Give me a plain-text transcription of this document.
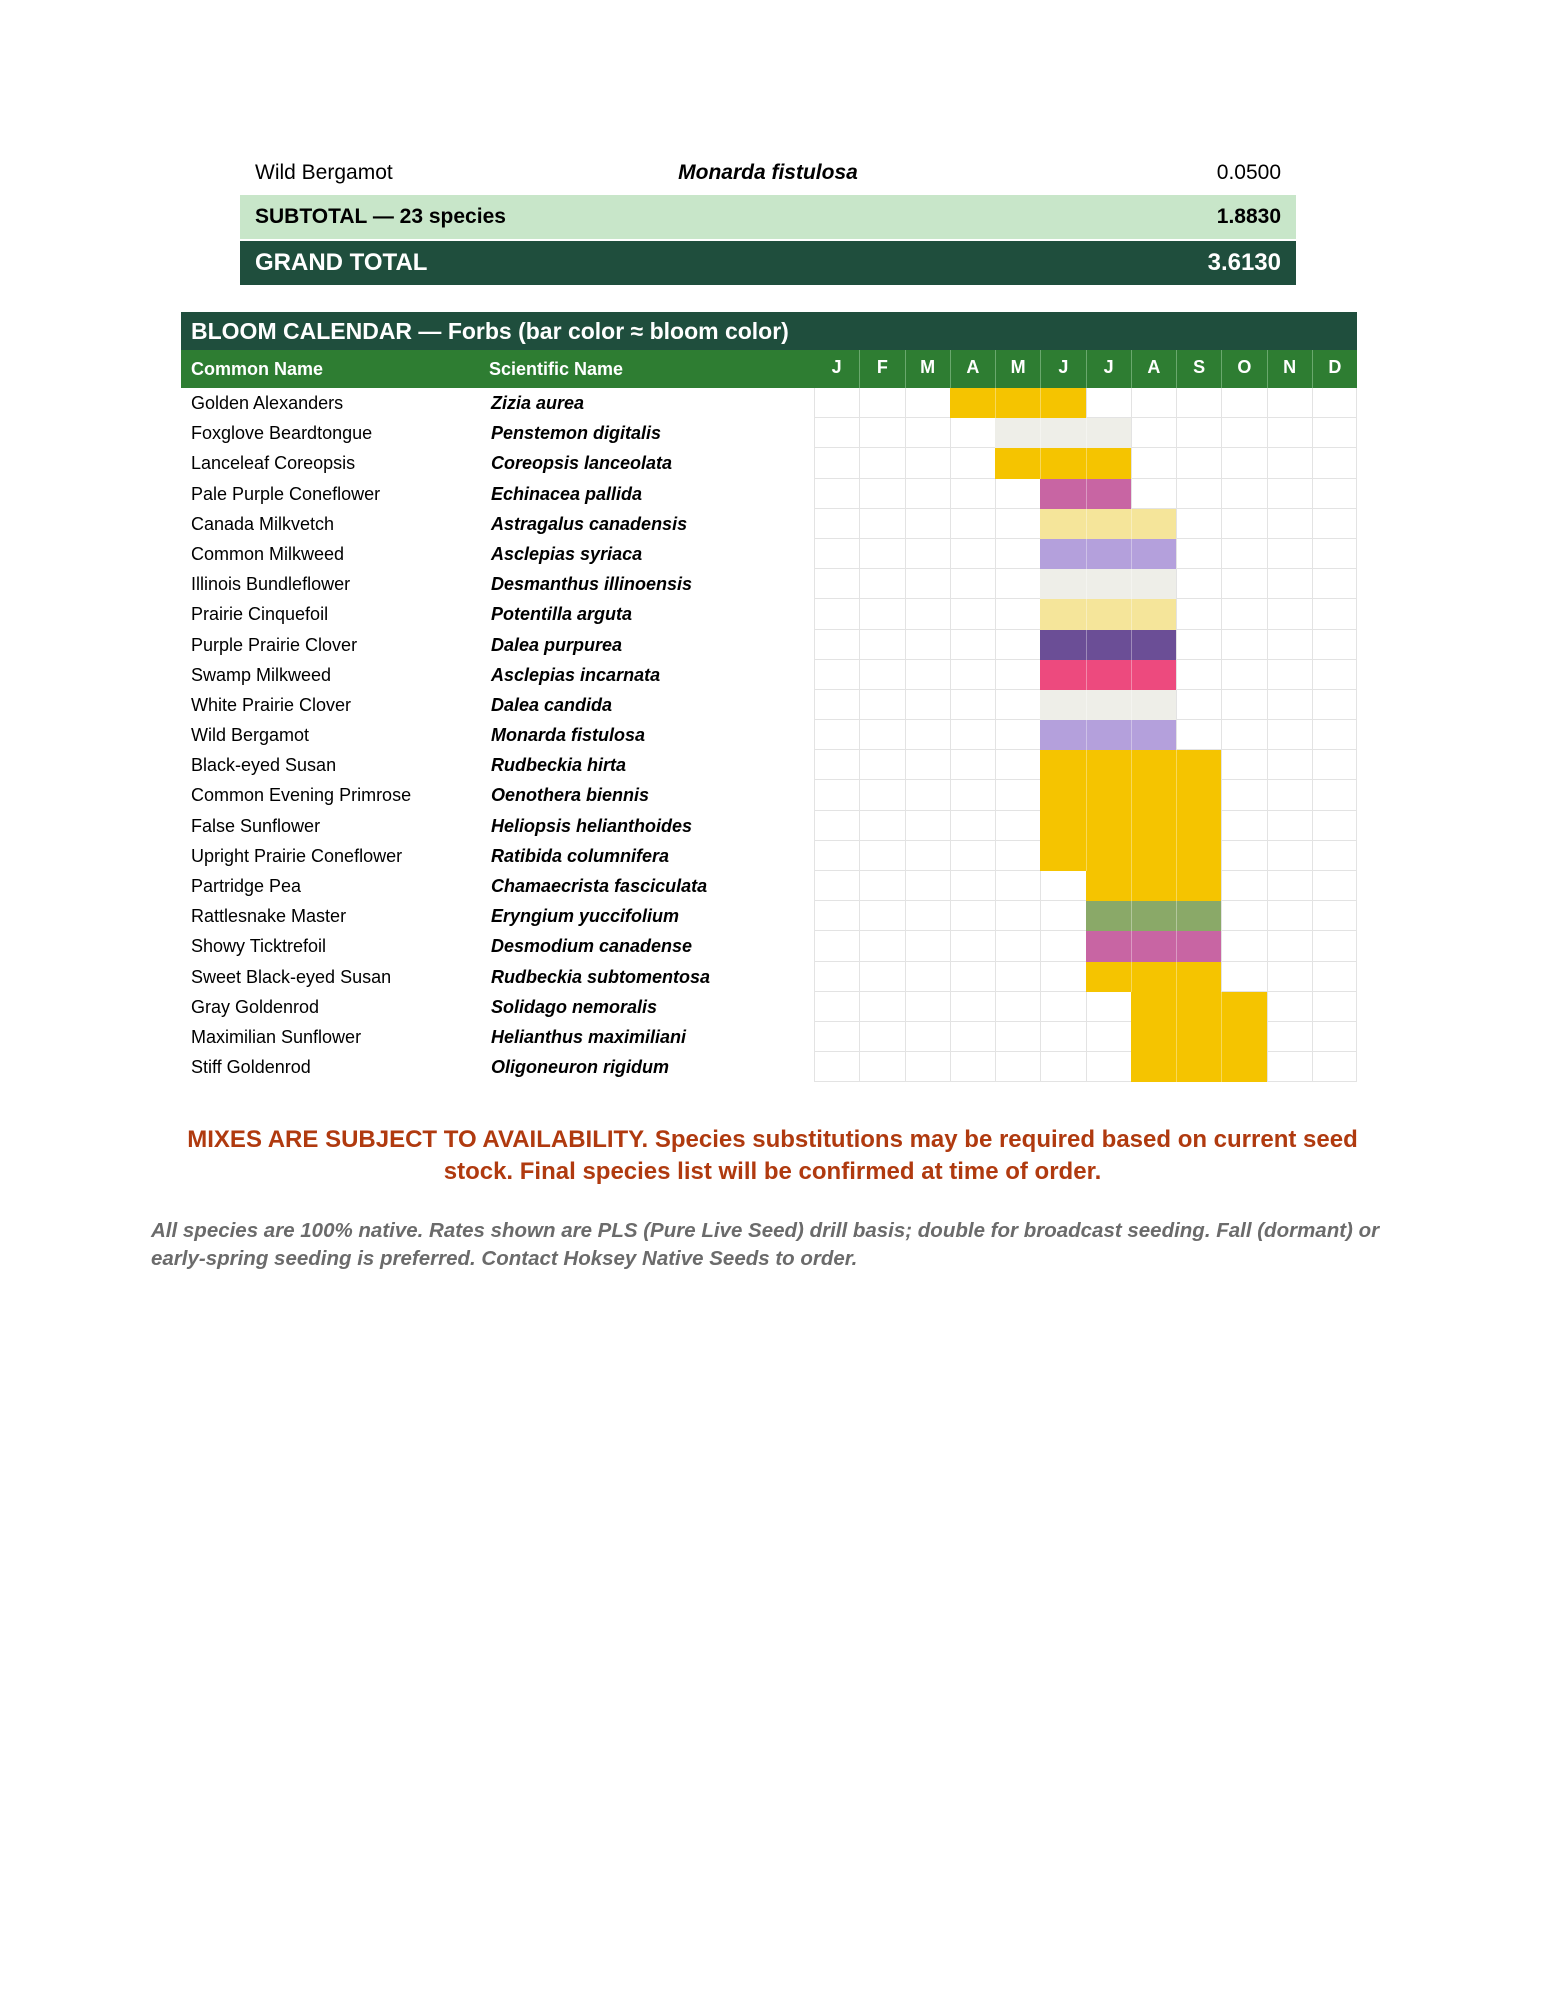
Wild Bergamot	Monarda fistulosa	0.0500
SUBTOTAL — 23 species	1.8830
GRAND TOTAL	3.6130
BLOOM CALENDAR — Forbs (bar color ≈ bloom color)
Common Name	Scientific Name	J	F	M	A	M	J	J	A	S	O	N	D
Golden Alexanders	Zizia aurea
Foxglove Beardtongue	Penstemon digitalis
Lanceleaf Coreopsis	Coreopsis lanceolata
Pale Purple Coneflower	Echinacea pallida
Canada Milkvetch	Astragalus canadensis
Common Milkweed	Asclepias syriaca
Illinois Bundleflower	Desmanthus illinoensis
Prairie Cinquefoil	Potentilla arguta
Purple Prairie Clover	Dalea purpurea
Swamp Milkweed	Asclepias incarnata
White Prairie Clover	Dalea candida
Wild Bergamot	Monarda fistulosa
Black-eyed Susan	Rudbeckia hirta
Common Evening Primrose	Oenothera biennis
False Sunflower	Heliopsis helianthoides
Upright Prairie Coneflower	Ratibida columnifera
Partridge Pea	Chamaecrista fasciculata
Rattlesnake Master	Eryngium yuccifolium
Showy Ticktrefoil	Desmodium canadense
Sweet Black-eyed Susan	Rudbeckia subtomentosa
Gray Goldenrod	Solidago nemoralis
Maximilian Sunflower	Helianthus maximiliani
Stiff Goldenrod	Oligoneuron rigidum
MIXES ARE SUBJECT TO AVAILABILITY. Species substitutions may be required based on current seed stock. Final species list will be confirmed at time of order.
All species are 100% native. Rates shown are PLS (Pure Live Seed) drill basis; double for broadcast seeding. Fall (dormant) or early-spring seeding is preferred. Contact Hoksey Native Seeds to order.
